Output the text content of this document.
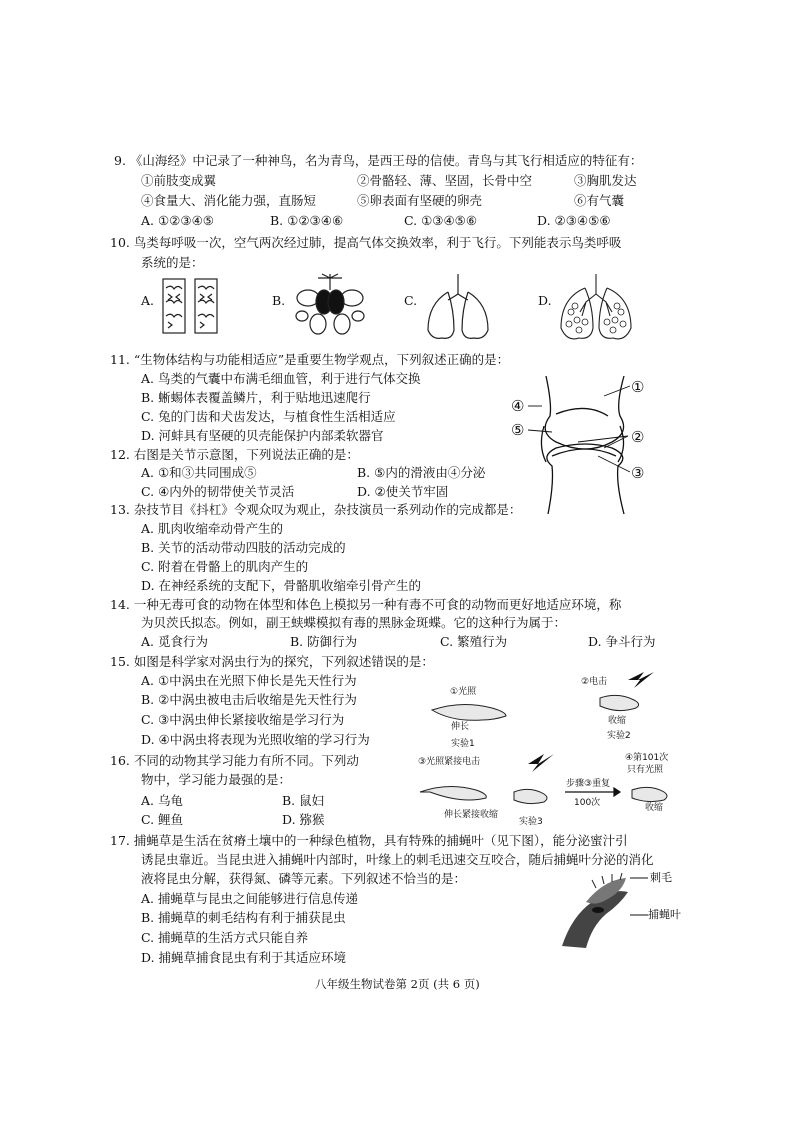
9. 《山海经》中记录了一种神鸟，名为青鸟，是西王母的信使。青鸟与其飞行相适应的特征有：
①前肢变成翼	②骨骼轻、薄、坚固，长骨中空	③胸肌发达
④食量大、消化能力强，直肠短	⑤卵表面有坚硬的卵壳	⑥有气囊
A. ①②③④⑤	B. ①②③④⑥	C. ①③④⑤⑥	D. ②③④⑤⑥
10. 鸟类每呼吸一次，空气两次经过肺，提高气体交换效率，利于飞行。下列能表示鸟类呼吸
系统的是：
A.	B.	C.	D.
11. “生物体结构与功能相适应”是重要生物学观点，下列叙述正确的是：
A. 鸟类的气囊中布满毛细血管，利于进行气体交换
B. 蜥蜴体表覆盖鳞片，利于贴地迅速爬行
C. 兔的门齿和犬齿发达，与植食性生活相适应
D. 河蚌具有坚硬的贝壳能保护内部柔软器官
12. 右图是关节示意图，下列说法正确的是：
A. ①和③共同围成⑤	B. ⑤内的滑液由④分泌
C. ④内外的韧带使关节灵活	D. ②使关节牢固
①
②
③
④
⑤
13. 杂技节目《抖杠》令观众叹为观止，杂技演员一系列动作的完成都是：
A. 肌肉收缩牵动骨产生的
B. 关节的活动带动四肢的活动完成的
C. 附着在骨骼上的肌肉产生的
D. 在神经系统的支配下，骨骼肌收缩牵引骨产生的
14. 一种无毒可食的动物在体型和体色上模拟另一种有毒不可食的动物而更好地适应环境，称
为贝茨氏拟态。例如，副王蛱蝶模拟有毒的黑脉金斑蝶。它的这种行为属于：
A. 觅食行为	B. 防御行为	C. 繁殖行为	D. 争斗行为
15. 如图是科学家对涡虫行为的探究，下列叙述错误的是：
A. ①中涡虫在光照下伸长是先天性行为
B. ②中涡虫被电击后收缩是先天性行为
C. ③中涡虫伸长紧接收缩是学习行为
D. ④中涡虫将表现为光照收缩的学习行为
①光照
伸长
实验1
②电击
收缩
实验2
③光照紧接电击
伸长紧接收缩
实验3
步骤③重复
100次
④第101次
只有光照
收缩
16. 不同的动物其学习能力有所不同。下列动
物中，学习能力最强的是：
A. 乌龟	B. 鼠妇
C. 鲤鱼	D. 猕猴
17. 捕蝇草是生活在贫瘠土壤中的一种绿色植物，具有特殊的捕蝇叶（见下图），能分泌蜜汁引
诱昆虫靠近。当昆虫进入捕蝇叶内部时，叶缘上的刺毛迅速交互咬合，随后捕蝇叶分泌的消化
液将昆虫分解，获得氮、磷等元素。下列叙述不恰当的是：
A. 捕蝇草与昆虫之间能够进行信息传递
B. 捕蝇草的刺毛结构有利于捕获昆虫
C. 捕蝇草的生活方式只能自养
D. 捕蝇草捕食昆虫有利于其适应环境
刺毛
捕蝇叶
八年级生物试卷第 2页 (共 6 页)
